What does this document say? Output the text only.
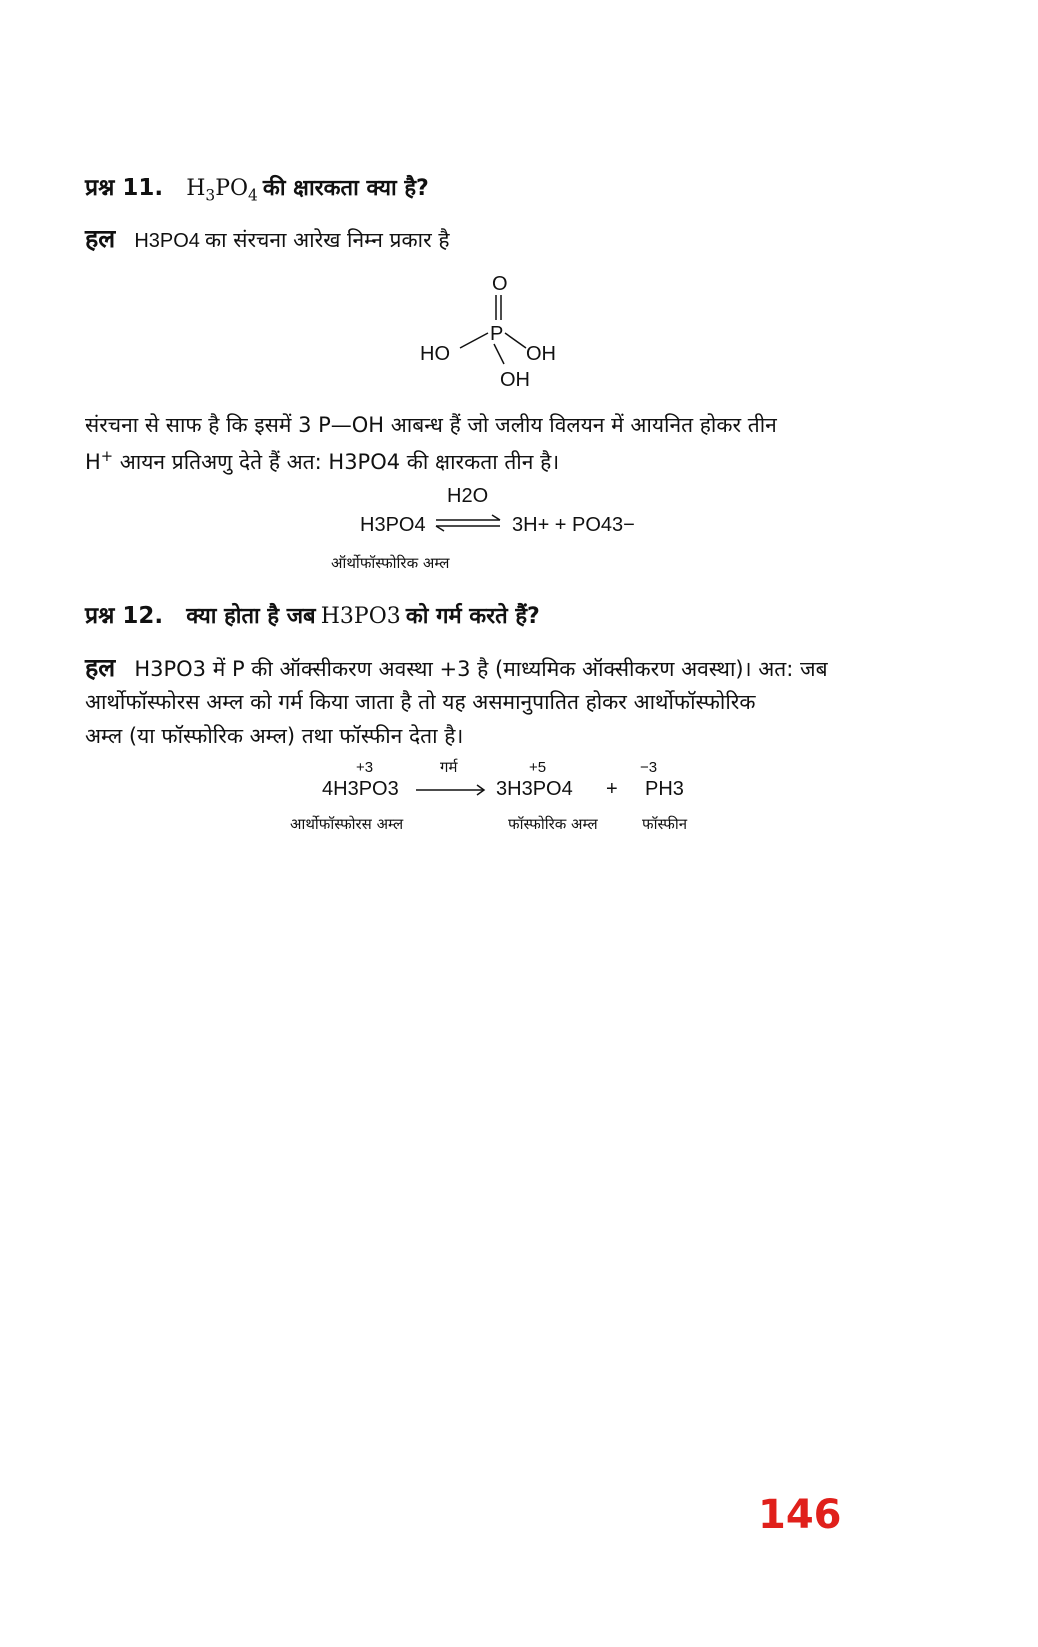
प्रश्न 11. $H_3PO_4$ की क्षारकता क्या है?
हल H3PO4 का संरचना आरेख निम्न प्रकार है
O
P
HO	OH
OH
संरचना से साफ है कि इसमें 3 P—OH आबन्ध हैं जो जलीय विलयन में आयनित होकर तीन
H+ आयन प्रतिअणु देते हैं अत: H3PO4 की क्षारकता तीन है।
H2O
H3PO4	3H+ + PO43−
ऑर्थोफॉस्फोरिक अम्ल
प्रश्न 12. क्या होता है जब H3PO3 को गर्म करते हैं?
हल H3PO3 में P की ऑक्सीकरण अवस्था +3 है (माध्यमिक ऑक्सीकरण अवस्था)। अत: जब
आर्थोफॉस्फोरस अम्ल को गर्म किया जाता है तो यह असमानुपातित होकर आर्थोफॉस्फोरिक
अम्ल (या फॉस्फोरिक अम्ल) तथा फॉस्फीन देता है।
+3	गर्म	+5	−3
4H3PO3	3H3PO4 + PH3
आर्थोफॉस्फोरस अम्ल	फॉस्फोरिक अम्ल	फॉस्फीन
146
